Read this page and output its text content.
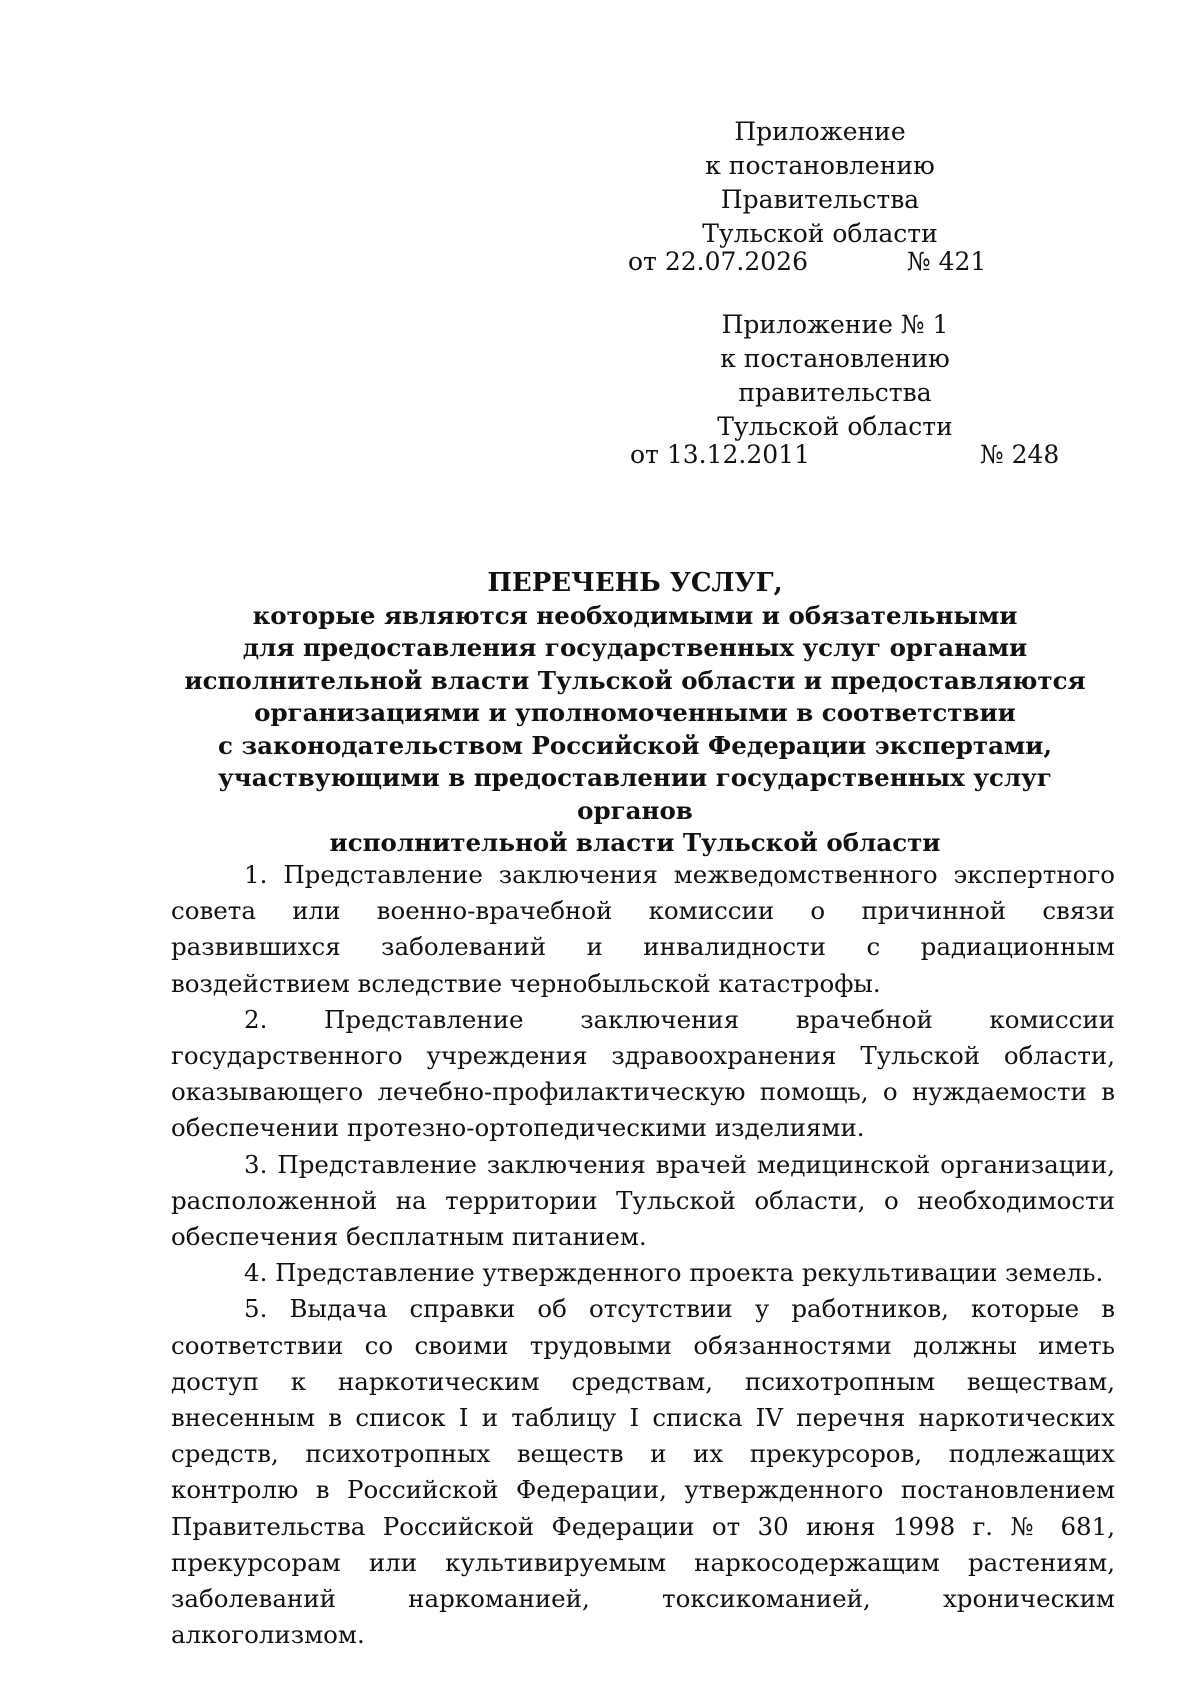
Приложение
к постановлению Правительства
Тульской области
от 22.07.2026	№ 421
Приложение № 1
к постановлению правительства
Тульской области
от 13.12.2011	№ 248
ПЕРЕЧЕНЬ УСЛУГ,
которые являются необходимыми и обязательными
для предоставления государственных услуг органами
исполнительной власти Тульской области и предоставляются
организациями и уполномоченными в соответствии
с законодательством Российской Федерации экспертами,
участвующими в предоставлении государственных услуг органов
исполнительной власти Тульской области

1. Представление заключения межведомственного экспертного совета или военно-врачебной комиссии о причинной связи развившихся заболеваний и инвалидности с радиационным воздействием вследствие чернобыльской катастрофы.

2. Представление заключения врачебной комиссии государственного учреждения здравоохранения Тульской области, оказывающего лечебно-профилактическую помощь, о нуждаемости в обеспечении протезно-ортопедическими изделиями.

3. Представление заключения врачей медицинской организации, расположенной на территории Тульской области, о необходимости обеспечения бесплатным питанием.

4. Представление утвержденного проекта рекультивации земель.

5. Выдача справки об отсутствии у работников, которые в соответствии со своими трудовыми обязанностями должны иметь доступ к наркотическим средствам, психотропным веществам, внесенным в список I и таблицу I списка IV перечня наркотических средств, психотропных веществ и их прекурсоров, подлежащих контролю в Российской Федерации, утвержденного постановлением Правительства Российской Федерации от 30 июня 1998 г. № 681, прекурсорам или культивируемым наркосодержащим растениям, заболеваний наркоманией, токсикоманией, хроническим алкоголизмом.
